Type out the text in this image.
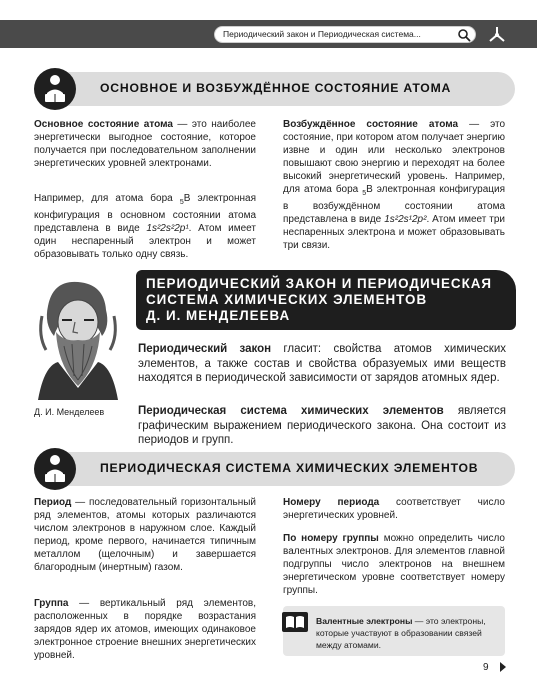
Периодический закон и Периодическая система...
ОСНОВНОЕ И ВОЗБУЖДЁННОЕ СОСТОЯНИЕ АТОМА
Основное состояние атома — это наиболее энергетически выгодное состояние, которое получается при последовательном заполнении энергетических уровней электронами.
Например, для атома бора $_5$B электронная конфигурация в основном состоянии атома представлена в виде 1s²2s²2p¹. Атом имеет один неспаренный электрон и может образовывать только одну связь.
Возбуждённое состояние атома — это состояние, при котором атом получает энергию извне и один или несколько электронов повышают свою энергию и переходят на более высокий энергетический уровень. Например, для атома бора $_5$B электронная конфигурация в возбуждённом состоянии атома представлена в виде 1s²2s¹2p². Атом имеет три неспаренных электрона и может образовывать три связи.
ПЕРИОДИЧЕСКИЙ ЗАКОН И ПЕРИОДИЧЕСКАЯ
СИСТЕМА ХИМИЧЕСКИХ ЭЛЕМЕНТОВ
Д. И. МЕНДЕЛЕЕВА
Д. И. Менделеев
Периодический закон гласит: свойства атомов химических элементов, а также состав и свойства образуемых ими веществ находятся в периодической зависимости от зарядов атомных ядер.
Периодическая система химических элементов является графическим выражением периодического закона. Она состоит из периодов и групп.
ПЕРИОДИЧЕСКАЯ СИСТЕМА ХИМИЧЕСКИХ ЭЛЕМЕНТОВ
Период — последовательный горизонтальный ряд элементов, атомы которых различаются числом электронов в наружном слое. Каждый период, кроме первого, начинается типичным металлом (щелочным) и завершается благородным (инертным) газом.
Группа — вертикальный ряд элементов, расположенных в порядке возрастания зарядов ядер их атомов, имеющих одинаковое электронное строение внешних энергетических уровней.
Номеру периода соответствует число энергетических уровней.
По номеру группы можно определить число валентных электронов. Для элементов главной подгруппы число электронов на внешнем энергетическом уровне соответствует номеру группы.
Валентные электроны — это электроны, которые участвуют в образовании связей между атомами.
9
